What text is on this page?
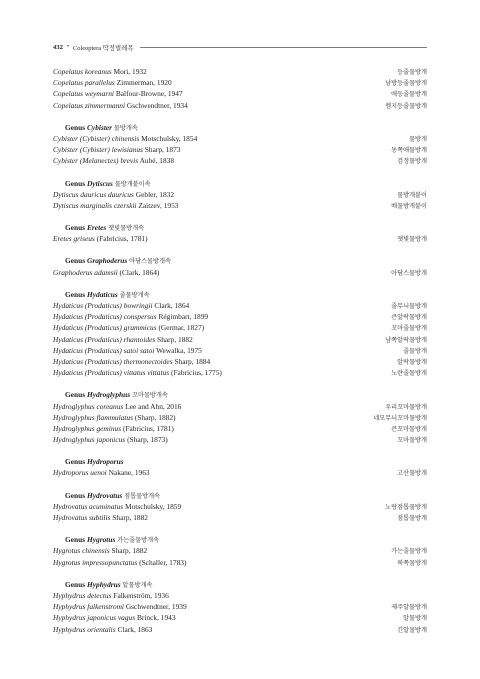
432 • Coleoptera 딱정벌레목
Copelatus koreanus Mori, 1932	등줄물방개
Copelatus parallelus Zimmerman, 1920	남방등줄물방개
Copelatus weymarni Balfour-Browne, 1947	애등줄물방개
Copelatus zimmermanni Gschwendtner, 1934	렘지등줄물방개
Genus Cybister 물방개속
Cybister (Cybister) chinensis Motschulsky, 1854	물방개
Cybister (Cybister) lewisianus Sharp, 1873	동쪽애물방개
Cybister (Melanectes) brevis Aubé, 1838	검정물방개
Genus Dytiscus 물방개붙이속
Dytiscus dauricus dauricus Gebler, 1832	물방개붙이
Dytiscus marginalis czerskii Zaitzev, 1953	배물방개붙이
Genus Eretes 잿빛물방개속
Eretes griseus (Fabricius, 1781)	잿빛물방개
Genus Graphoderus 아담스물방개속
Graphoderus adamsii (Clark, 1864)	아담스물방개
Genus Hydaticus 줄물방개속
Hydaticus (Prodaticus) bowringii Clark, 1864	줄무늬물방개
Hydaticus (Prodaticus) conspersus Régimbart, 1899	큰알락물방개
Hydaticus (Prodaticus) grammicus (Germar, 1827)	꼬마줄물방개
Hydaticus (Prodaticus) rhantoides Sharp, 1882	남쪽알락물방개
Hydaticus (Prodaticus) satoi satoi Wewalka, 1975	줄물방개
Hydaticus (Prodaticus) thermonectoides Sharp, 1884	알락물방개
Hydaticus (Prodaticus) vittatus vittatus (Fabricius, 1775)	노란줄물방개
Genus Hydroglyphus 꼬마물방개속
Hydroglyphus coreanus Lee and Ahn, 2016	우리꼬마물방개
Hydroglyphus flammulatus (Sharp, 1882)	네모무늬꼬마물방개
Hydroglyphus geminus (Fabricius, 1781)	큰꼬마물방개
Hydroglyphus japonicus (Sharp, 1873)	꼬마물방개
Genus Hydroporus
Hydroporus uenoi Nakane, 1963	고산물방개
Genus Hydrovatus 점톱물방개속
Hydrovatus acuminatus Motschulsky, 1859	노랑점톱물방개
Hydrovatus subtilis Sharp, 1882	점톱물방개
Genus Hygrotus 가는줄물방개속
Hygrotus chinensis Sharp, 1882	가는줄물방개
Hygrotus impressopunctatus (Schaller, 1783)	북쪽물방개
Genus Hyphydrus 알물방개속
Hyphydrus detectus Falkenström, 1936
Hyphydrus falkenstromi Gschwendtner, 1939	제주알물방개
Hyphydrus japonicus vagus Brinck, 1943	알물방개
Hyphydrus orientalis Clark, 1863	긴알물방개
